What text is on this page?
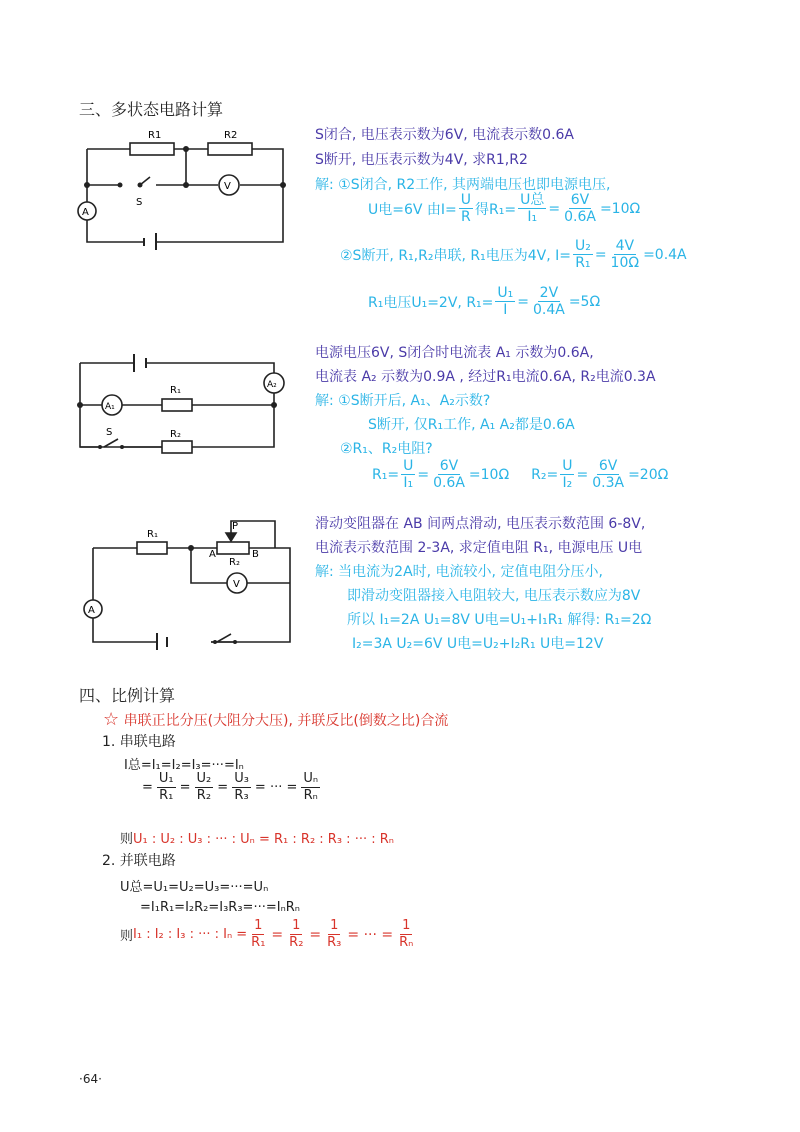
三、多状态电路计算
R1	R2
S
A
V
S闭合, 电压表示数为6V, 电流表示数0.6A
S断开, 电压表示数为4V, 求R1,R2
解: ①S闭合, R2工作, 其两端电压也即电源电压,
U电=6V 由$I= \frac{U}{R}$ 得$R_1= \frac{\text{U总}}{\text{I₁}} = \frac{6V}{0.6A} =10\Omega$
②S断开, R₁,R₂串联, R₁电压为4V, $I= \frac{\text{U₂}}{\text{R₁}} = \frac{4V}{10\Omega} =0.4A$
R₁电压U₁=2V, $R_1= \frac{\text{U₁}}{I} = \frac{2V}{0.4A} =5\Omega$
R₁
R₂
S
A₁
A₂
电源电压6V, S闭合时电流表 A₁ 示数为0.6A,
电流表 A₂ 示数为0.9A , 经过R₁电流0.6A, R₂电流0.3A
解: ①S断开后, A₁、A₂示数?
S断开, 仅R₁工作, A₁ A₂都是0.6A
②R₁、R₂电阻?
$R_1= \frac{U}{\text{I₁}} = \frac{6V}{0.6A} =10\Omega$ $R_2= \frac{U}{\text{I₂}} = \frac{6V}{0.3A} =20\Omega$
R₁
R₂
P
A	B
A
V
滑动变阻器在 AB 间两点滑动, 电压表示数范围 6-8V,
电流表示数范围 2-3A, 求定值电阻 R₁, 电源电压 U电
解: 当电流为2A时, 电流较小, 定值电阻分压小,
即滑动变阻器接入电阻较大, 电压表示数应为8V
所以 I₁=2A U₁=8V U电=U₁+I₁R₁ 解得: R₁=2Ω
I₂=3A U₂=6V U电=U₂+I₂R₁ U电=12V
四、比例计算
☆ 串联正比分压(大阻分大压), 并联反比(倒数之比)合流
1. 串联电路
I总=I₁=I₂=I₃=···=Iₙ
= $\frac{\text{U₁}}{\text{R₁}} = \frac{\text{U₂}}{\text{R₂}} = \frac{\text{U₃}}{\text{R₃}}$ = ··· = $\frac{\text{Uₙ}}{\text{Rₙ}}$
则U₁ : U₂ : U₃ : ··· : Uₙ = R₁ : R₂ : R₃ : ··· : Rₙ
2. 并联电路
U总=U₁=U₂=U₃=···=Uₙ
=I₁R₁=I₂R₂=I₃R₃=···=IₙRₙ
则 I₁ : I₂ : I₃ : ··· : $I_n = \frac{1}{\text{R₁}} = \frac{1}{\text{R₂}} = \frac{1}{\text{R₃}}$ = ··· = $\frac{1}{\text{Rₙ}}$
·64·
